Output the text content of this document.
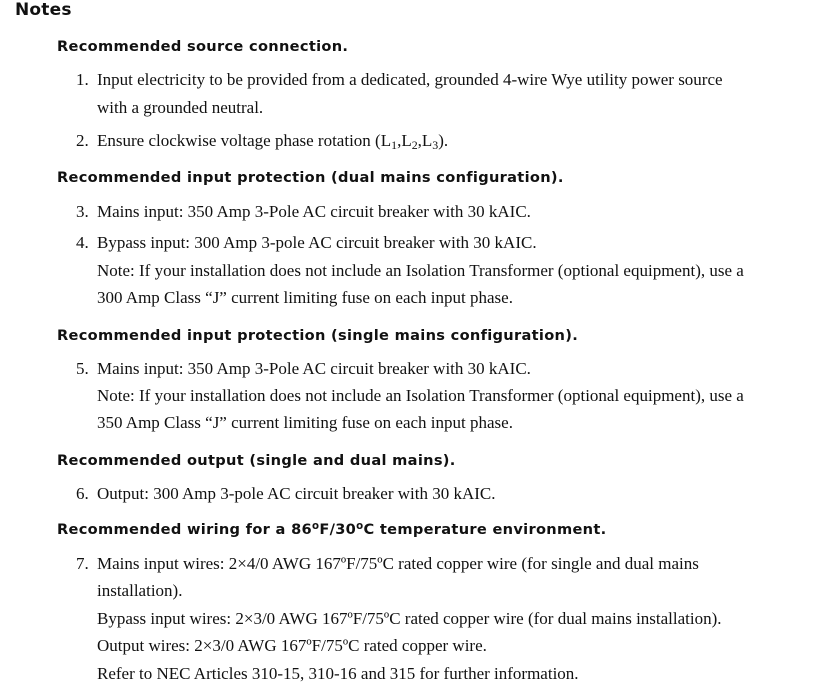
Notes
Recommended source connection.
1. Input electricity to be provided from a dedicated, grounded 4-wire Wye utility power source
with a grounded neutral.
2. Ensure clockwise voltage phase rotation $(L_1,L_2,L_3)$.
Recommended input protection (dual mains configuration).
3. Mains input: 350 Amp 3-Pole AC circuit breaker with 30 kAIC.
4. Bypass input: 300 Amp 3-pole AC circuit breaker with 30 kAIC.
Note: If your installation does not include an Isolation Transformer (optional equipment), use a
300 Amp Class “J” current limiting fuse on each input phase.
Recommended input protection (single mains configuration).
5. Mains input: 350 Amp 3-Pole AC circuit breaker with 30 kAIC.
Note: If your installation does not include an Isolation Transformer (optional equipment), use a
350 Amp Class “J” current limiting fuse on each input phase.
Recommended output (single and dual mains).
6. Output: 300 Amp 3-pole AC circuit breaker with 30 kAIC.
Recommended wiring for a 86$^o$F/30$^o$C temperature environment.
7. Mains input wires: 2×4/0 AWG 167ºF/75ºC rated copper wire (for single and dual mains
installation).
Bypass input wires: 2×3/0 AWG 167ºF/75ºC rated copper wire (for dual mains installation).
Output wires: 2×3/0 AWG 167ºF/75ºC rated copper wire.
Refer to NEC Articles 310-15, 310-16 and 315 for further information.
